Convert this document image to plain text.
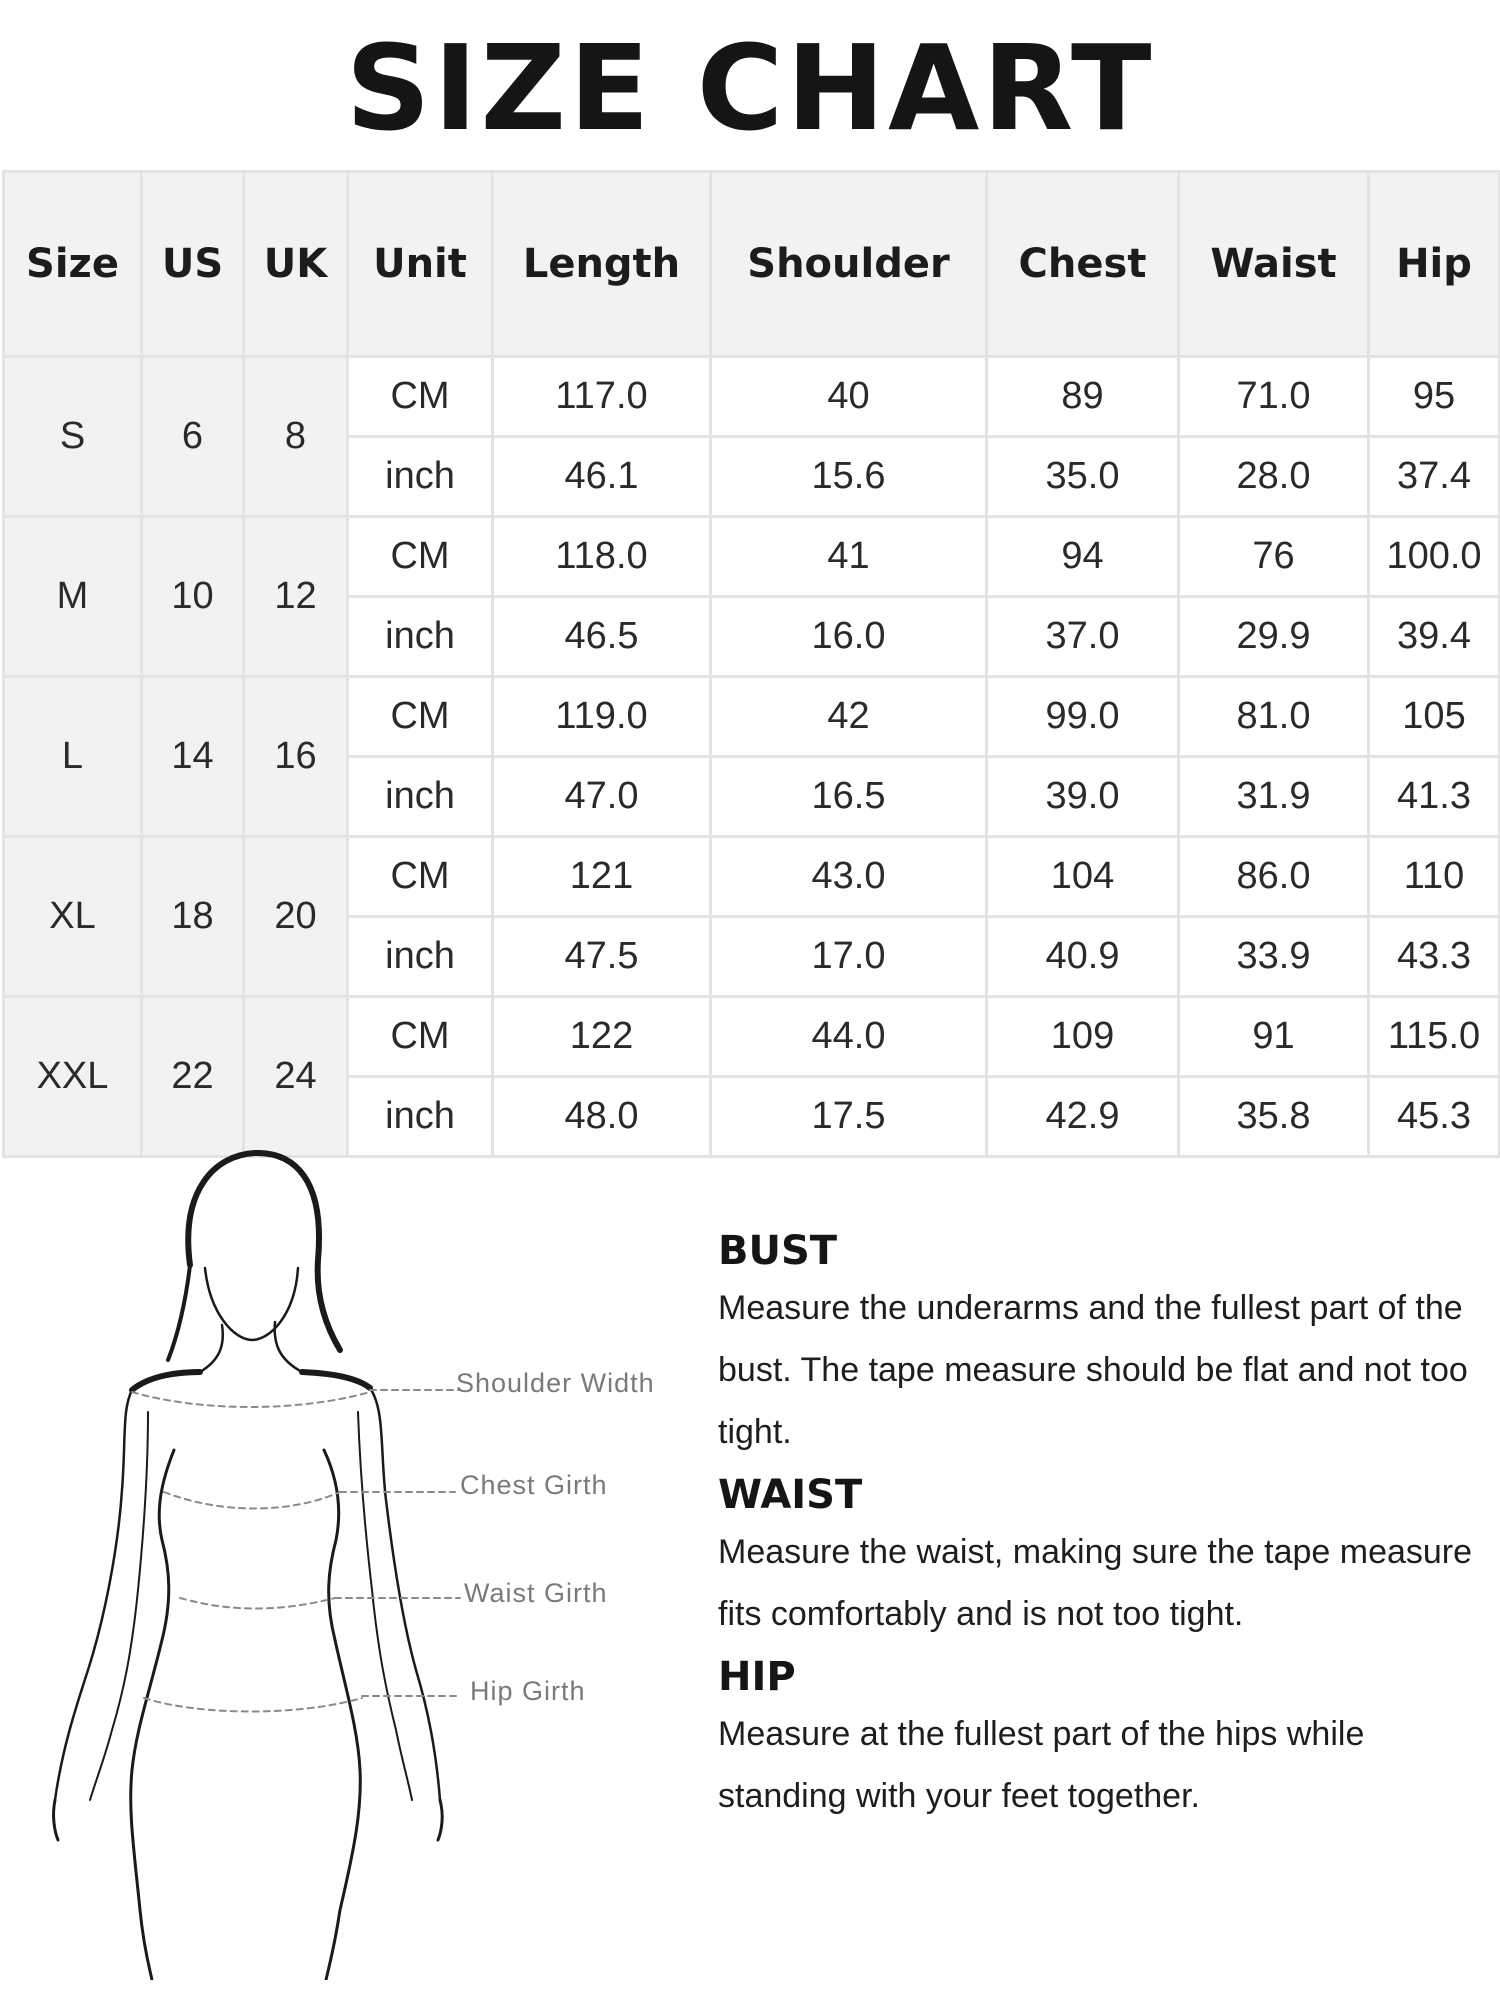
SIZE CHART
Size	US	UK	Unit	Length	Shoulder	Chest	Waist	Hip
S	6	8	CM	117.0	40	89	71.0	95
			inch	46.1	15.6	35.0	28.0	37.4
M	10	12	CM	118.0	41	94	76	100.0
			inch	46.5	16.0	37.0	29.9	39.4
L	14	16	CM	119.0	42	99.0	81.0	105
			inch	47.0	16.5	39.0	31.9	41.3
XL	18	20	CM	121	43.0	104	86.0	110
			inch	47.5	17.0	40.9	33.9	43.3
XXL	22	24	CM	122	44.0	109	91	115.0
			inch	48.0	17.5	42.9	35.8	45.3
Shoulder Width
Chest Girth
Waist Girth
Hip Girth
BUST
Measure the underarms and the fullest part of the bust. The tape measure should be flat and not too tight.
WAIST
Measure the waist, making sure the tape measure fits comfortably and is not too tight.
HIP
Measure at the fullest part of the hips while standing with your feet together.
